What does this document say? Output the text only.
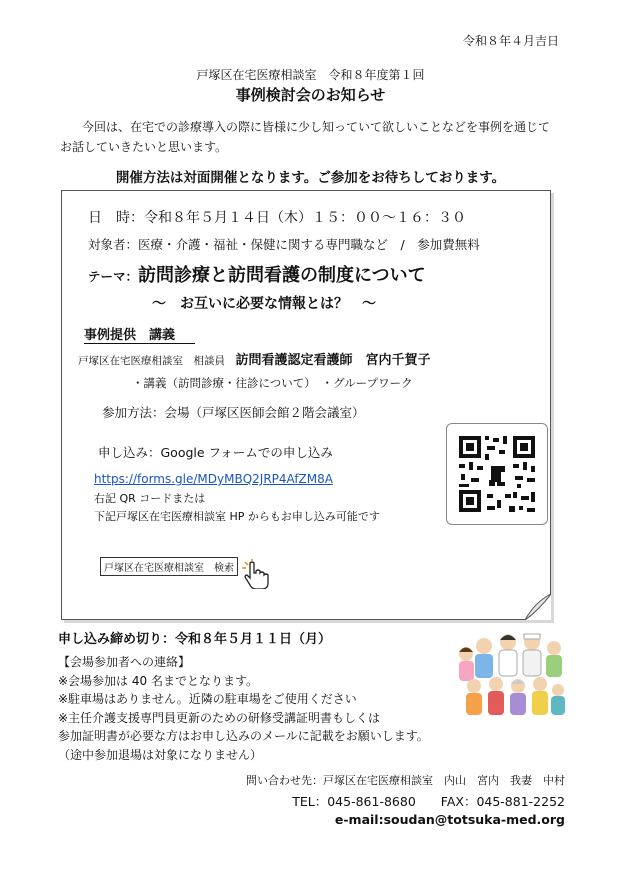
令和８年４月吉日
戸塚区在宅医療相談室　令和８年度第１回
事例検討会のお知らせ
今回は、在宅での診療導入の際に皆様に少し知っていて欲しいことなどを事例を通じて
お話していきたいと思います。
開催方法は対面開催となります。ご参加をお待ちしております。
日　時：令和８年５月１４日（木）１５：００～１６：３０
対象者：医療・介護・福祉・保健に関する専門職など　/　参加費無料
テーマ：訪問診療と訪問看護の制度について
～　お互いに必要な情報とは？　～
事例提供　講義
戸塚区在宅医療相談室　相談員　 訪問看護認定看護師　宮内千賀子
・講義（訪問診療・往診について）　・グループワーク
参加方法：会場（戸塚区医師会館２階会議室）
申し込み：Google フォームでの申し込み
https://forms.gle/MDyMBQ2JRP4AfZM8A
右記 QR コードまたは
下記戸塚区在宅医療相談室 HP からもお申し込み可能です
戸塚区在宅医療相談室　検索
申し込み締め切り：令和８年５月１１日（月）
【会場参加者への連絡】
※会場参加は 40 名までとなります。
※駐車場はありません。近隣の駐車場をご使用ください
※主任介護支援専門員更新のための研修受講証明書もしくは
参加証明書が必要な方はお申し込みのメールに記載をお願いします。
（途中参加退場は対象になりません）
問い合わせ先：戸塚区在宅医療相談室　内山　宮内　我妻　中村
TEL：045-861-8680　　FAX：045-881-2252
e-mail:soudan@totsuka-med.org
